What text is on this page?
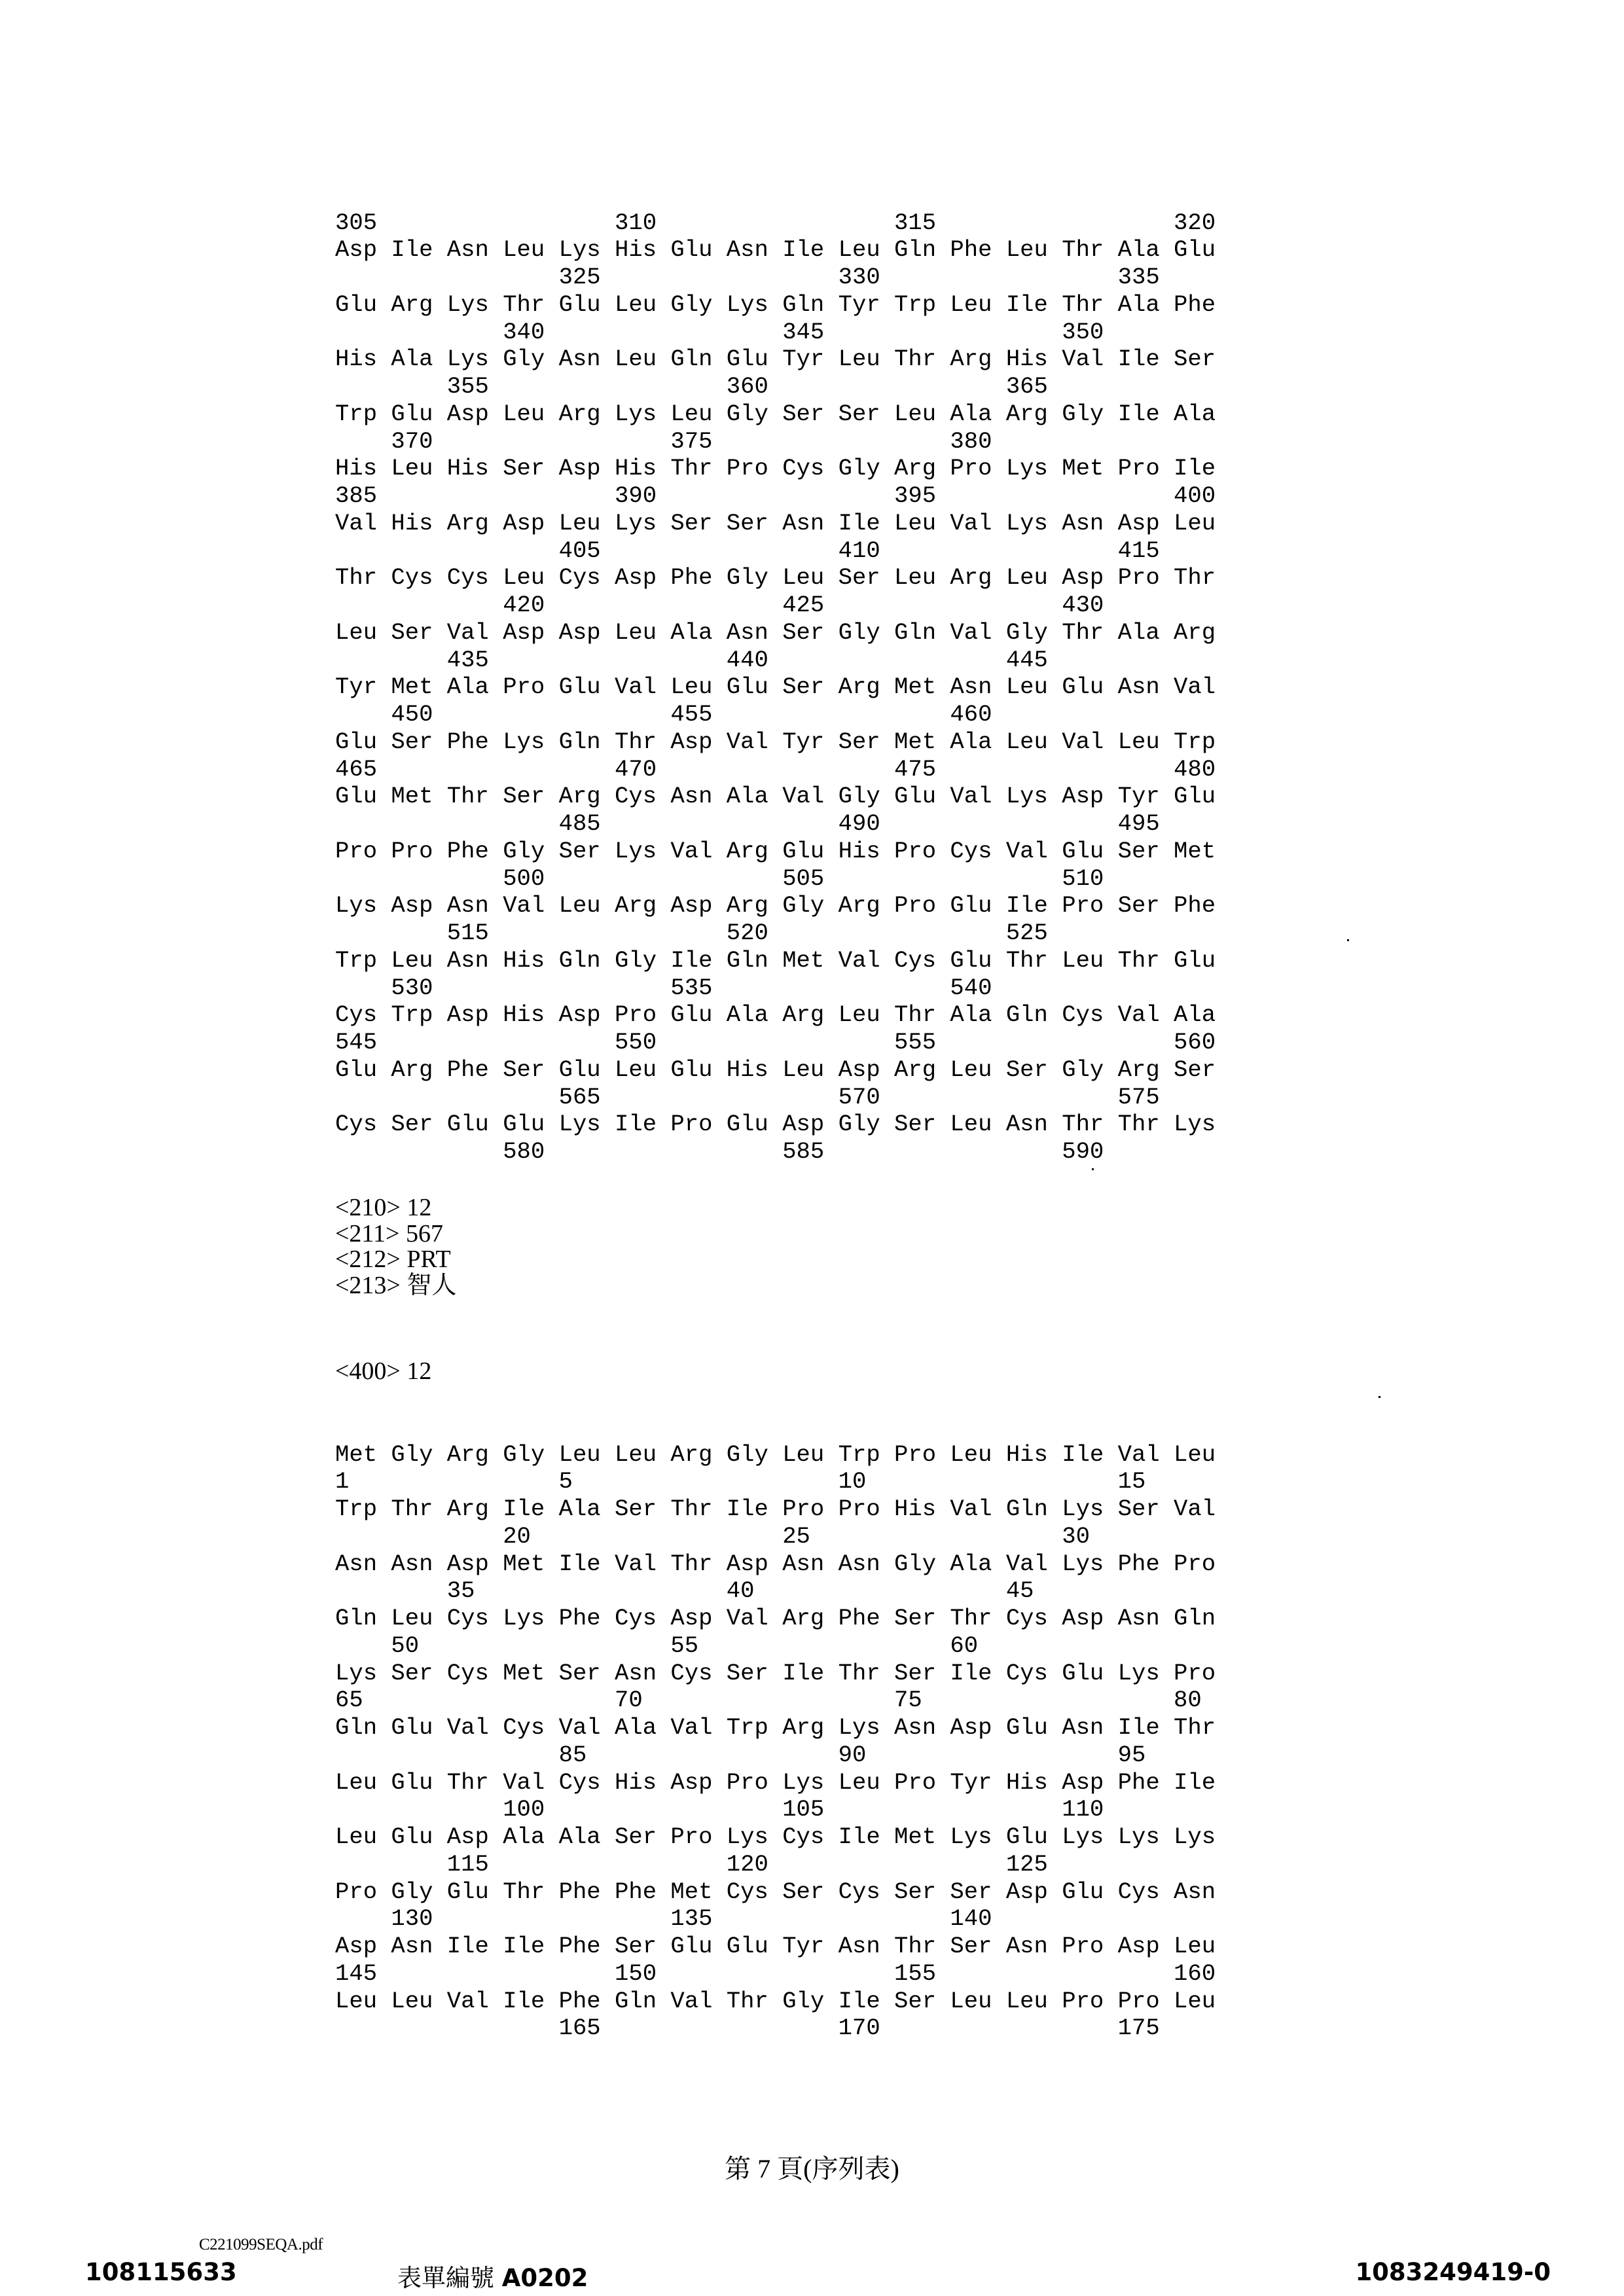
305                 310                 315                 320
Asp Ile Asn Leu Lys His Glu Asn Ile Leu Gln Phe Leu Thr Ala Glu
325                 330                 335
Glu Arg Lys Thr Glu Leu Gly Lys Gln Tyr Trp Leu Ile Thr Ala Phe
340                 345                 350
His Ala Lys Gly Asn Leu Gln Glu Tyr Leu Thr Arg His Val Ile Ser
355                 360                 365
Trp Glu Asp Leu Arg Lys Leu Gly Ser Ser Leu Ala Arg Gly Ile Ala
370                 375                 380
His Leu His Ser Asp His Thr Pro Cys Gly Arg Pro Lys Met Pro Ile
385                 390                 395                 400
Val His Arg Asp Leu Lys Ser Ser Asn Ile Leu Val Lys Asn Asp Leu
405                 410                 415
Thr Cys Cys Leu Cys Asp Phe Gly Leu Ser Leu Arg Leu Asp Pro Thr
420                 425                 430
Leu Ser Val Asp Asp Leu Ala Asn Ser Gly Gln Val Gly Thr Ala Arg
435                 440                 445
Tyr Met Ala Pro Glu Val Leu Glu Ser Arg Met Asn Leu Glu Asn Val
450                 455                 460
Glu Ser Phe Lys Gln Thr Asp Val Tyr Ser Met Ala Leu Val Leu Trp
465                 470                 475                 480
Glu Met Thr Ser Arg Cys Asn Ala Val Gly Glu Val Lys Asp Tyr Glu
485                 490                 495
Pro Pro Phe Gly Ser Lys Val Arg Glu His Pro Cys Val Glu Ser Met
500                 505                 510
Lys Asp Asn Val Leu Arg Asp Arg Gly Arg Pro Glu Ile Pro Ser Phe
515                 520                 525
Trp Leu Asn His Gln Gly Ile Gln Met Val Cys Glu Thr Leu Thr Glu
530                 535                 540
Cys Trp Asp His Asp Pro Glu Ala Arg Leu Thr Ala Gln Cys Val Ala
545                 550                 555                 560
Glu Arg Phe Ser Glu Leu Glu His Leu Asp Arg Leu Ser Gly Arg Ser
565                 570                 575
Cys Ser Glu Glu Lys Ile Pro Glu Asp Gly Ser Leu Asn Thr Thr Lys
580                 585                 590
<210> 12
<211> 567
<212> PRT
<213> 智人
<400> 12

Met Gly Arg Gly Leu Leu Arg Gly Leu Trp Pro Leu His Ile Val Leu
1               5                   10                  15
Trp Thr Arg Ile Ala Ser Thr Ile Pro Pro His Val Gln Lys Ser Val
20                  25                  30
Asn Asn Asp Met Ile Val Thr Asp Asn Asn Gly Ala Val Lys Phe Pro
35                  40                  45
Gln Leu Cys Lys Phe Cys Asp Val Arg Phe Ser Thr Cys Asp Asn Gln
50                  55                  60
Lys Ser Cys Met Ser Asn Cys Ser Ile Thr Ser Ile Cys Glu Lys Pro
65                  70                  75                  80
Gln Glu Val Cys Val Ala Val Trp Arg Lys Asn Asp Glu Asn Ile Thr
85                  90                  95
Leu Glu Thr Val Cys His Asp Pro Lys Leu Pro Tyr His Asp Phe Ile
100                 105                 110
Leu Glu Asp Ala Ala Ser Pro Lys Cys Ile Met Lys Glu Lys Lys Lys
115                 120                 125
Pro Gly Glu Thr Phe Phe Met Cys Ser Cys Ser Ser Asp Glu Cys Asn
130                 135                 140
Asp Asn Ile Ile Phe Ser Glu Glu Tyr Asn Thr Ser Asn Pro Asp Leu
145                 150                 155                 160
Leu Leu Val Ile Phe Gln Val Thr Gly Ile Ser Leu Leu Pro Pro Leu
165                 170                 175
第 7 頁(序列表)
C221099SEQA.pdf
108115633	表單編號 A0202	1083249419-0
